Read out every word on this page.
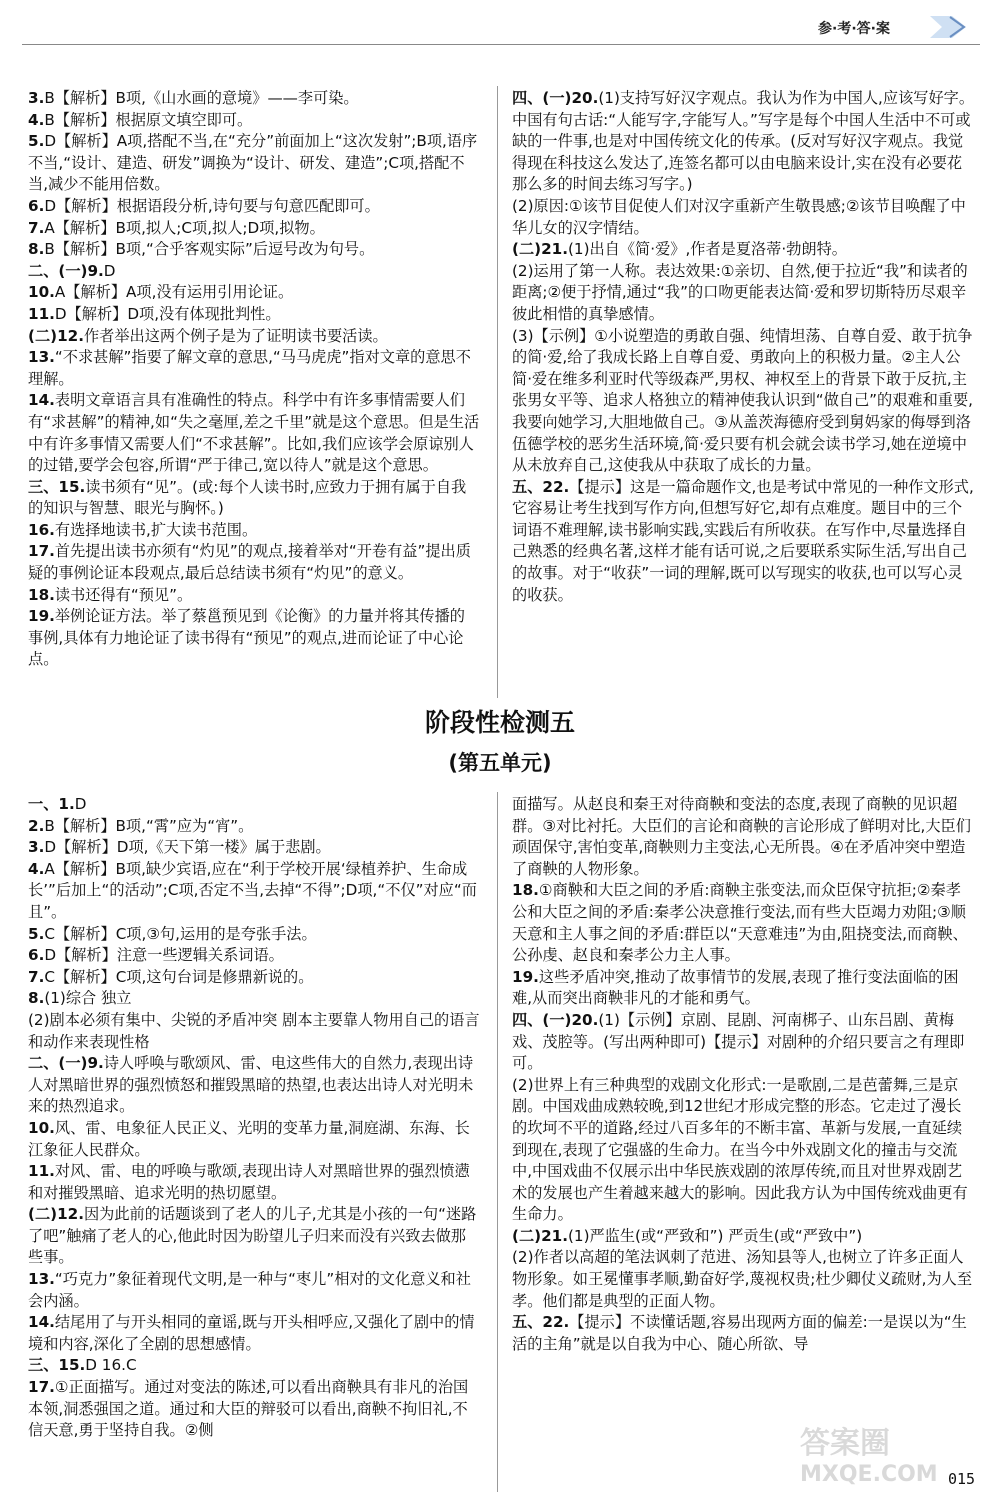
参·考·答·案

3.B【解析】B项,《山水画的意境》——李可染。

4.B【解析】根据原文填空即可。

5.D【解析】A项,搭配不当,在“充分”前面加上“这次发射”;B项,语序不当,“设计、建造、研发”调换为“设计、研发、建造”;C项,搭配不当,减少不能用倍数。

6.D【解析】根据语段分析,诗句要与句意匹配即可。

7.A【解析】B项,拟人;C项,拟人;D项,拟物。

8.B【解析】B项,“合乎客观实际”后逗号改为句号。

二、(一)9.D

10.A【解析】A项,没有运用引用论证。

11.D【解析】D项,没有体现批判性。

(二)12.作者举出这两个例子是为了证明读书要活读。

13.“不求甚解”指要了解文章的意思,“马马虎虎”指对文章的意思不理解。

14.表明文章语言具有准确性的特点。科学中有许多事情需要人们有“求甚解”的精神,如“失之毫厘,差之千里”就是这个意思。但是生活中有许多事情又需要人们“不求甚解”。比如,我们应该学会原谅别人的过错,要学会包容,所谓“严于律己,宽以待人”就是这个意思。

三、15.读书须有“见”。(或:每个人读书时,应致力于拥有属于自我的知识与智慧、眼光与胸怀。)

16.有选择地读书,扩大读书范围。

17.首先提出读书亦须有“灼见”的观点,接着举对“开卷有益”提出质疑的事例论证本段观点,最后总结读书须有“灼见”的意义。

18.读书还得有“预见”。

19.举例论证方法。举了蔡邕预见到《论衡》的力量并将其传播的事例,具体有力地论证了读书得有“预见”的观点,进而论证了中心论点。

四、(一)20.(1)支持写好汉字观点。我认为作为中国人,应该写好字。中国有句古话:“人能写字,字能写人。”写字是每个中国人生活中不可或缺的一件事,也是对中国传统文化的传承。(反对写好汉字观点。我觉得现在科技这么发达了,连签名都可以由电脑来设计,实在没有必要花那么多的时间去练习写字。)

(2)原因:①该节目促使人们对汉字重新产生敬畏感;②该节目唤醒了中华儿女的汉字情结。

(二)21.(1)出自《简·爱》,作者是夏洛蒂·勃朗特。

(2)运用了第一人称。表达效果:①亲切、自然,便于拉近“我”和读者的距离;②便于抒情,通过“我”的口吻更能表达简·爱和罗切斯特历尽艰辛彼此相惜的真挚感情。

(3)【示例】①小说塑造的勇敢自强、纯情坦荡、自尊自爱、敢于抗争的简·爱,给了我成长路上自尊自爱、勇敢向上的积极力量。②主人公简·爱在维多利亚时代等级森严,男权、神权至上的背景下敢于反抗,主张男女平等、追求人格独立的精神使我认识到“做自己”的艰难和重要,我要向她学习,大胆地做自己。③从盖茨海德府受到舅妈家的侮辱到洛伍德学校的恶劣生活环境,简·爱只要有机会就会读书学习,她在逆境中从未放弃自己,这使我从中获取了成长的力量。

五、22.【提示】这是一篇命题作文,也是考试中常见的一种作文形式,它容易让考生找到写作方向,但想写好它,却有点难度。题目中的三个词语不难理解,读书影响实践,实践后有所收获。在写作中,尽量选择自己熟悉的经典名著,这样才能有话可说,之后要联系实际生活,写出自己的故事。对于“收获”一词的理解,既可以写现实的收获,也可以写心灵的收获。

阶段性检测五
(第五单元)

一、1.D

2.B【解析】B项,“霄”应为“宵”。

3.D【解析】D项,《天下第一楼》属于悲剧。

4.A【解析】B项,缺少宾语,应在“利于学校开展‘绿植养护、生命成长’”后加上“的活动”;C项,否定不当,去掉“不得”;D项,“不仅”对应“而且”。

5.C【解析】C项,③句,运用的是夸张手法。

6.D【解析】注意一些逻辑关系词语。

7.C【解析】C项,这句台词是修鼎新说的。

8.(1)综合 独立

(2)剧本必须有集中、尖锐的矛盾冲突 剧本主要靠人物用自己的语言和动作来表现性格

二、(一)9.诗人呼唤与歌颂风、雷、电这些伟大的自然力,表现出诗人对黑暗世界的强烈愤怒和摧毁黑暗的热望,也表达出诗人对光明未来的热烈追求。

10.风、雷、电象征人民正义、光明的变革力量,洞庭湖、东海、长江象征人民群众。

11.对风、雷、电的呼唤与歌颂,表现出诗人对黑暗世界的强烈愤懑和对摧毁黑暗、追求光明的热切愿望。

(二)12.因为此前的话题谈到了老人的儿子,尤其是小孩的一句“迷路了吧”触痛了老人的心,他此时因为盼望儿子归来而没有兴致去做那些事。

13.“巧克力”象征着现代文明,是一种与“枣儿”相对的文化意义和社会内涵。

14.结尾用了与开头相同的童谣,既与开头相呼应,又强化了剧中的情境和内容,深化了全剧的思想感情。

三、15.D 16.C

17.①正面描写。通过对变法的陈述,可以看出商鞅具有非凡的治国本领,洞悉强国之道。通过和大臣的辩驳可以看出,商鞅不拘旧礼,不信天意,勇于坚持自我。②侧

面描写。从赵良和秦王对待商鞅和变法的态度,表现了商鞅的见识超群。③对比衬托。大臣们的言论和商鞅的言论形成了鲜明对比,大臣们顽固保守,害怕变革,商鞅则力主变法,心无所畏。④在矛盾冲突中塑造了商鞅的人物形象。

18.①商鞅和大臣之间的矛盾:商鞅主张变法,而众臣保守抗拒;②秦孝公和大臣之间的矛盾:秦孝公决意推行变法,而有些大臣竭力劝阻;③顺天意和主人事之间的矛盾:群臣以“天意难违”为由,阻挠变法,而商鞅、公孙虔、赵良和秦孝公力主人事。

19.这些矛盾冲突,推动了故事情节的发展,表现了推行变法面临的困难,从而突出商鞅非凡的才能和勇气。

四、(一)20.(1)【示例】京剧、昆剧、河南梆子、山东吕剧、黄梅戏、茂腔等。(写出两种即可)【提示】对剧种的介绍只要言之有理即可。

(2)世界上有三种典型的戏剧文化形式:一是歌剧,二是芭蕾舞,三是京剧。中国戏曲成熟较晚,到12世纪才形成完整的形态。它走过了漫长的坎坷不平的道路,经过八百多年的不断丰富、革新与发展,一直延续到现在,表现了它强盛的生命力。在当今中外戏剧文化的撞击与交流中,中国戏曲不仅展示出中华民族戏剧的浓厚传统,而且对世界戏剧艺术的发展也产生着越来越大的影响。因此我方认为中国传统戏曲更有生命力。

(二)21.(1)严监生(或“严致和”) 严贡生(或“严致中”)

(2)作者以高超的笔法讽刺了范进、汤知县等人,也树立了许多正面人物形象。如王冕懂事孝顺,勤奋好学,蔑视权贵;杜少卿仗义疏财,为人至孝。他们都是典型的正面人物。

五、22.【提示】不读懂话题,容易出现两方面的偏差:一是误以为“生活的主角”就是以自我为中心、随心所欲、导

答案圈
MXQE.COM 015
